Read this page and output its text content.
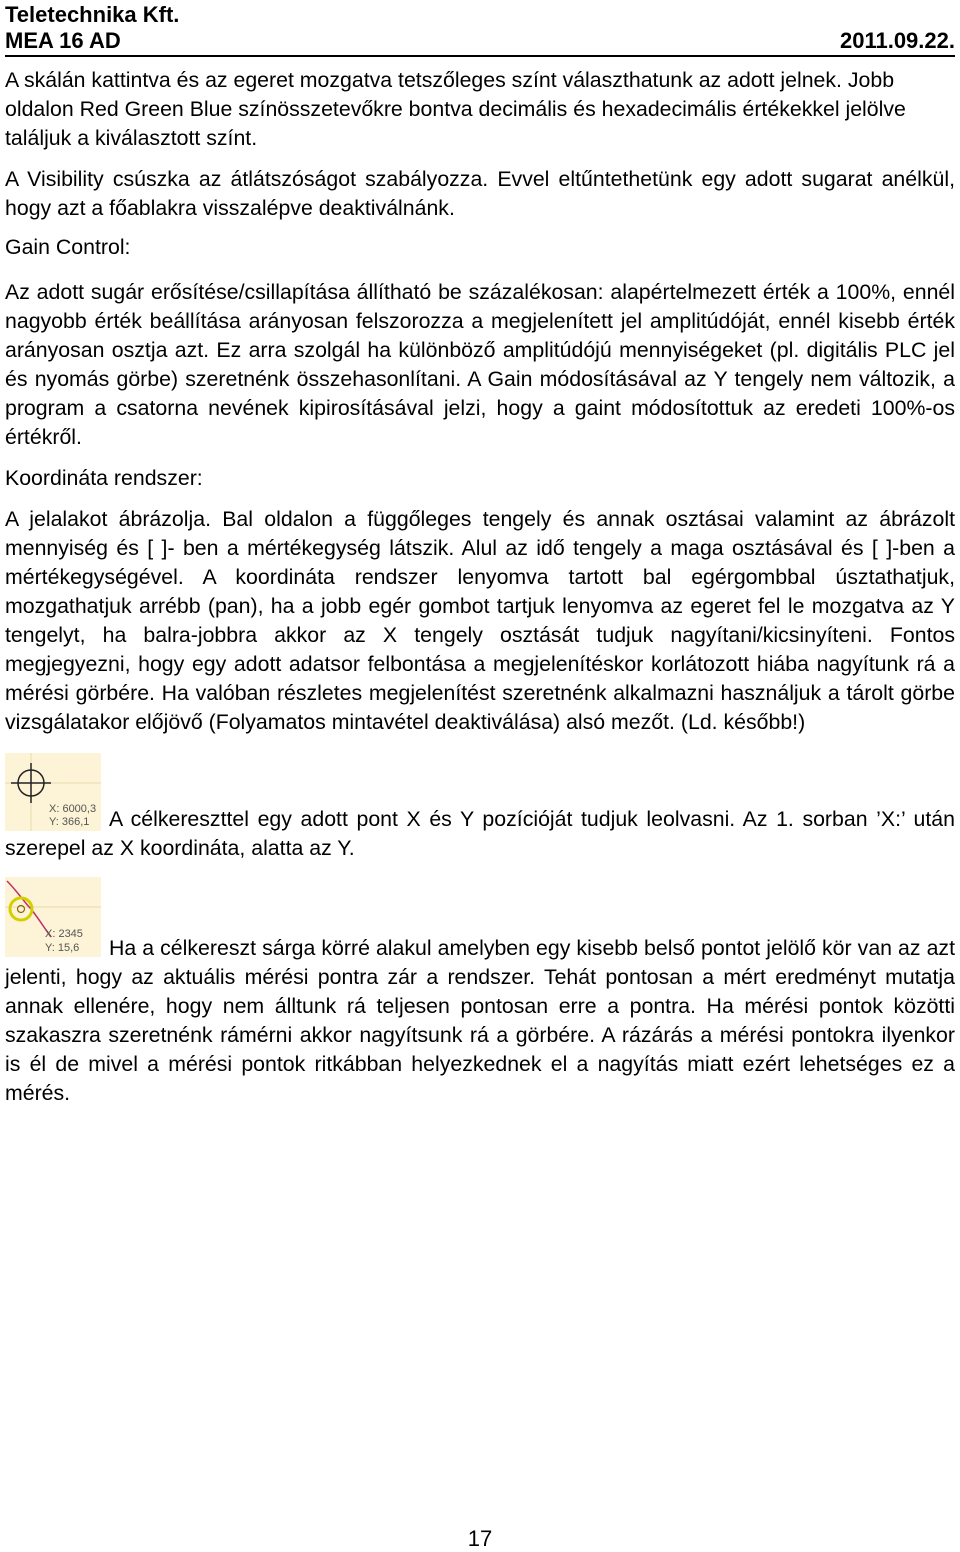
Teletechnika Kft.
MEA 16 AD	2011.09.22.

A skálán kattintva és az egeret mozgatva tetszőleges színt választhatunk az adott jelnek. Jobb oldalon Red Green Blue színösszetevőkre bontva decimális és hexadecimális értékekkel jelölve találjuk a kiválasztott színt.

A Visibility csúszka az átlátszóságot szabályozza. Evvel eltűntethetünk egy adott sugarat anélkül, hogy azt a főablakra visszalépve deaktiválnánk.

Gain Control:

Az adott sugár erősítése/csillapítása állítható be százalékosan: alapértelmezett érték a 100%, ennél nagyobb érték beállítása arányosan felszorozza a megjelenített jel amplitúdóját, ennél kisebb érték arányosan osztja azt. Ez arra szolgál ha különböző amplitúdójú mennyiségeket (pl. digitális PLC jel és nyomás görbe) szeretnénk összehasonlítani. A Gain módosításával az Y tengely nem változik, a program a csatorna nevének kipirosításával jelzi, hogy a gaint módosítottuk az eredeti 100%-os értékről.

Koordináta rendszer:

A jelalakot ábrázolja. Bal oldalon a függőleges tengely és annak osztásai valamint az ábrázolt mennyiség és [ ]- ben a mértékegység látszik. Alul az idő tengely a maga osztásával és [ ]-ben a mértékegységével. A koordináta rendszer lenyomva tartott bal egérgombbal úsztathatjuk, mozgathatjuk arrébb (pan), ha a jobb egér gombot tartjuk lenyomva az egeret fel le mozgatva az Y tengelyt, ha balra-jobbra akkor az X tengely osztását tudjuk nagyítani/kicsinyíteni. Fontos megjegyezni, hogy egy adott adatsor felbontása a megjelenítéskor korlátozott hiába nagyítunk rá a mérési görbére. Ha valóban részletes megjelenítést szeretnénk alkalmazni használjuk a tárolt görbe vizsgálatakor előjövő (Folyamatos mintavétel deaktiválása) alsó mezőt. (Ld. később!)

X: 6000,3
Y: 366,1 A célkereszttel egy adott pont X és Y pozícióját tudjuk leolvasni. Az 1. sorban ’X:’ után szerepel az X koordináta, alatta az Y.

X: 2345
Y: 15,6	Ha a célkereszt sárga körré alakul amelyben egy kisebb belső pontot jelölő kör van az azt jelenti, hogy az aktuális mérési pontra zár a rendszer. Tehát pontosan a mért eredményt mutatja annak ellenére, hogy nem álltunk rá teljesen pontosan erre a pontra. Ha mérési pontok közötti szakaszra szeretnénk rámérni akkor nagyítsunk rá a görbére. A rázárás a mérési pontokra ilyenkor is él de mivel a mérési pontok ritkábban helyezkednek el a nagyítás miatt ezért lehetséges ez a mérés.

17
